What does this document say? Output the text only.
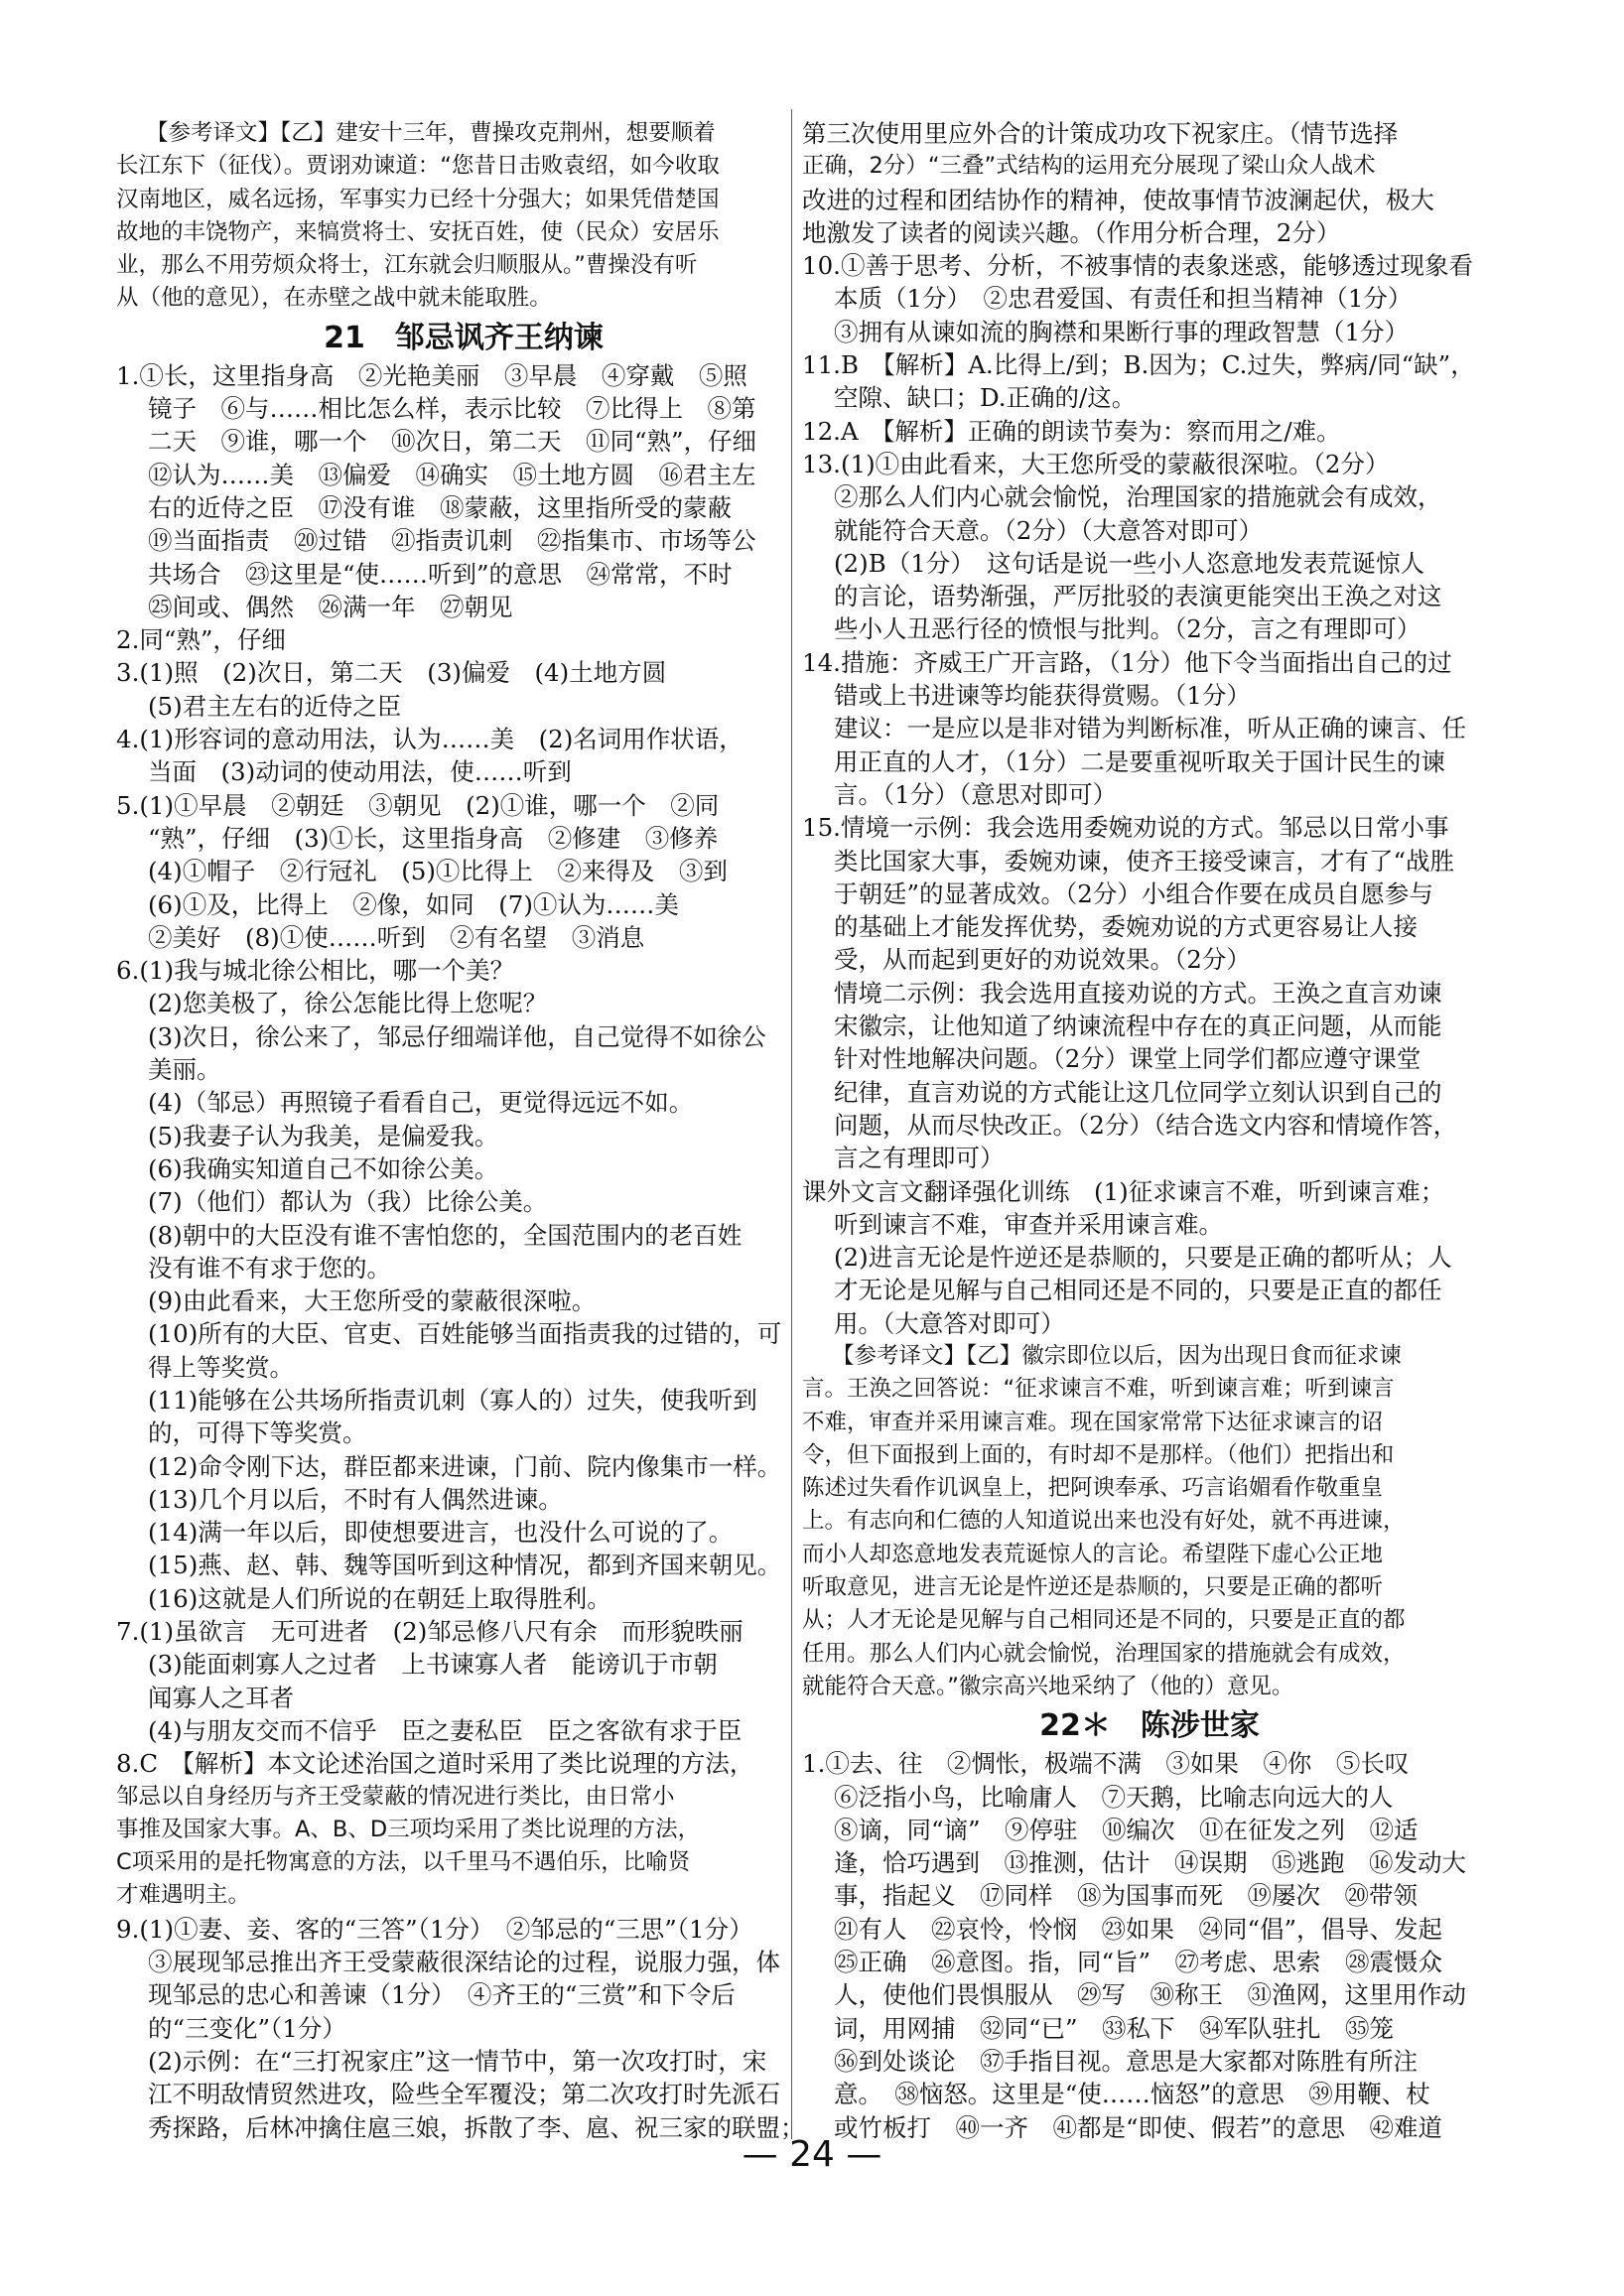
【参考译文】【乙】建安十三年，曹操攻克荆州，想要顺着

长江东下（征伐）。贾诩劝谏道：“您昔日击败袁绍，如今收取

汉南地区，威名远扬，军事实力已经十分强大；如果凭借楚国

故地的丰饶物产，来犒赏将士、安抚百姓，使（民众）安居乐

业，那么不用劳烦众将士，江东就会归顺服从。”曹操没有听

从（他的意见），在赤壁之战中就未能取胜。

21　邹忌讽齐王纳谏

1.①长，这里指身高　②光艳美丽　③早晨　④穿戴　⑤照

镜子　⑥与……相比怎么样，表示比较　⑦比得上　⑧第

二天　⑨谁，哪一个　⑩次日，第二天　⑪同“熟”，仔细

⑫认为……美　⑬偏爱　⑭确实　⑮土地方圆　⑯君主左

右的近侍之臣　⑰没有谁　⑱蒙蔽，这里指所受的蒙蔽

⑲当面指责　⑳过错　㉑指责讥刺　㉒指集市、市场等公

共场合　㉓这里是“使……听到”的意思　㉔常常，不时

㉕间或、偶然　㉖满一年　㉗朝见

2.同“熟”，仔细

3.(1)照　(2)次日，第二天　(3)偏爱　(4)土地方圆

(5)君主左右的近侍之臣

4.(1)形容词的意动用法，认为……美　(2)名词用作状语，

当面　(3)动词的使动用法，使……听到

5.(1)①早晨　②朝廷　③朝见　(2)①谁，哪一个　②同

“熟”，仔细　(3)①长，这里指身高　②修建　③修养

(4)①帽子　②行冠礼　(5)①比得上　②来得及　③到

(6)①及，比得上　②像，如同　(7)①认为……美

②美好　(8)①使……听到　②有名望　③消息

6.(1)我与城北徐公相比，哪一个美？

(2)您美极了，徐公怎能比得上您呢？

(3)次日，徐公来了，邹忌仔细端详他，自己觉得不如徐公

美丽。

(4)（邹忌）再照镜子看看自己，更觉得远远不如。

(5)我妻子认为我美，是偏爱我。

(6)我确实知道自己不如徐公美。

(7)（他们）都认为（我）比徐公美。

(8)朝中的大臣没有谁不害怕您的，全国范围内的老百姓

没有谁不有求于您的。

(9)由此看来，大王您所受的蒙蔽很深啦。

(10)所有的大臣、官吏、百姓能够当面指责我的过错的，可

得上等奖赏。

(11)能够在公共场所指责讥刺（寡人的）过失，使我听到

的，可得下等奖赏。

(12)命令刚下达，群臣都来进谏，门前、院内像集市一样。

(13)几个月以后，不时有人偶然进谏。

(14)满一年以后，即使想要进言，也没什么可说的了。

(15)燕、赵、韩、魏等国听到这种情况，都到齐国来朝见。

(16)这就是人们所说的在朝廷上取得胜利。

7.(1)虽欲言　无可进者　(2)邹忌修八尺有余　而形貌昳丽

(3)能面刺寡人之过者　上书谏寡人者　能谤讥于市朝

闻寡人之耳者

(4)与朋友交而不信乎　臣之妻私臣　臣之客欲有求于臣

8.C　【解析】本文论述治国之道时采用了类比说理的方法，

邹忌以自身经历与齐王受蒙蔽的情况进行类比，由日常小

事推及国家大事。A、B、D三项均采用了类比说理的方法，

C项采用的是托物寓意的方法，以千里马不遇伯乐，比喻贤

才难遇明主。

9.(1)①妻、妾、客的“三答”（1分）　②邹忌的“三思”（1分）

③展现邹忌推出齐王受蒙蔽很深结论的过程，说服力强，体

现邹忌的忠心和善谏（1分）　④齐王的“三赏”和下令后

的“三变化”（1分）

(2)示例：在“三打祝家庄”这一情节中，第一次攻打时，宋

江不明敌情贸然进攻，险些全军覆没；第二次攻打时先派石

秀探路，后林冲擒住扈三娘，拆散了李、扈、祝三家的联盟；

第三次使用里应外合的计策成功攻下祝家庄。（情节选择

正确，2分）“三叠”式结构的运用充分展现了梁山众人战术

改进的过程和团结协作的精神，使故事情节波澜起伏，极大

地激发了读者的阅读兴趣。（作用分析合理，2分）

10.①善于思考、分析，不被事情的表象迷惑，能够透过现象看

本质（1分）　②忠君爱国、有责任和担当精神（1分）

③拥有从谏如流的胸襟和果断行事的理政智慧（1分）

11.B　【解析】A.比得上/到；B.因为；C.过失，弊病/同“缺”，

空隙、缺口；D.正确的/这。

12.A　【解析】正确的朗读节奏为：察而用之/难。

13.(1)①由此看来，大王您所受的蒙蔽很深啦。（2分）

②那么人们内心就会愉悦，治理国家的措施就会有成效，

就能符合天意。（2分）（大意答对即可）

(2)B（1分）　这句话是说一些小人恣意地发表荒诞惊人

的言论，语势渐强，严厉批驳的表演更能突出王涣之对这

些小人丑恶行径的愤恨与批判。（2分，言之有理即可）

14.措施：齐威王广开言路，（1分）他下令当面指出自己的过

错或上书进谏等均能获得赏赐。（1分）

建议：一是应以是非对错为判断标准，听从正确的谏言、任

用正直的人才，（1分）二是要重视听取关于国计民生的谏

言。（1分）（意思对即可）

15.情境一示例：我会选用委婉劝说的方式。邹忌以日常小事

类比国家大事，委婉劝谏，使齐王接受谏言，才有了“战胜

于朝廷”的显著成效。（2分）小组合作要在成员自愿参与

的基础上才能发挥优势，委婉劝说的方式更容易让人接

受，从而起到更好的劝说效果。（2分）

情境二示例：我会选用直接劝说的方式。王涣之直言劝谏

宋徽宗，让他知道了纳谏流程中存在的真正问题，从而能

针对性地解决问题。（2分）课堂上同学们都应遵守课堂

纪律，直言劝说的方式能让这几位同学立刻认识到自己的

问题，从而尽快改正。（2分）（结合选文内容和情境作答，

言之有理即可）

课外文言文翻译强化训练　(1)征求谏言不难，听到谏言难；

听到谏言不难，审查并采用谏言难。

(2)进言无论是忤逆还是恭顺的，只要是正确的都听从；人

才无论是见解与自己相同还是不同的，只要是正直的都任

用。（大意答对即可）

【参考译文】【乙】徽宗即位以后，因为出现日食而征求谏

言。王涣之回答说：“征求谏言不难，听到谏言难；听到谏言

不难，审查并采用谏言难。现在国家常常下达征求谏言的诏

令，但下面报到上面的，有时却不是那样。（他们）把指出和

陈述过失看作讥讽皇上，把阿谀奉承、巧言谄媚看作敬重皇

上。有志向和仁德的人知道说出来也没有好处，就不再进谏，

而小人却恣意地发表荒诞惊人的言论。希望陛下虚心公正地

听取意见，进言无论是忤逆还是恭顺的，只要是正确的都听

从；人才无论是见解与自己相同还是不同的，只要是正直的都

任用。那么人们内心就会愉悦，治理国家的措施就会有成效，

就能符合天意。”徽宗高兴地采纳了（他的）意见。

22＊　陈涉世家

1.①去、往　②惆怅，极端不满　③如果　④你　⑤长叹

⑥泛指小鸟，比喻庸人　⑦天鹅，比喻志向远大的人

⑧谪，同“谪”　⑨停驻　⑩编次　⑪在征发之列　⑫适

逢，恰巧遇到　⑬推测，估计　⑭误期　⑮逃跑　⑯发动大

事，指起义　⑰同样　⑱为国事而死　⑲屡次　⑳带领

㉑有人　㉒哀怜，怜悯　㉓如果　㉔同“倡”，倡导、发起

㉕正确　㉖意图。指，同“旨”　㉗考虑、思索　㉘震慑众

人，使他们畏惧服从　㉙写　㉚称王　㉛渔网，这里用作动

词，用网捕　㉜同“已”　㉝私下　㉞军队驻扎　㉟笼

㊱到处谈论　㊲手指目视。意思是大家都对陈胜有所注

意。　㊳恼怒。这里是“使……恼怒”的意思　㊴用鞭、杖

或竹板打　㊵一齐　㊶都是“即使、假若”的意思　㊷难道

— 24 —
